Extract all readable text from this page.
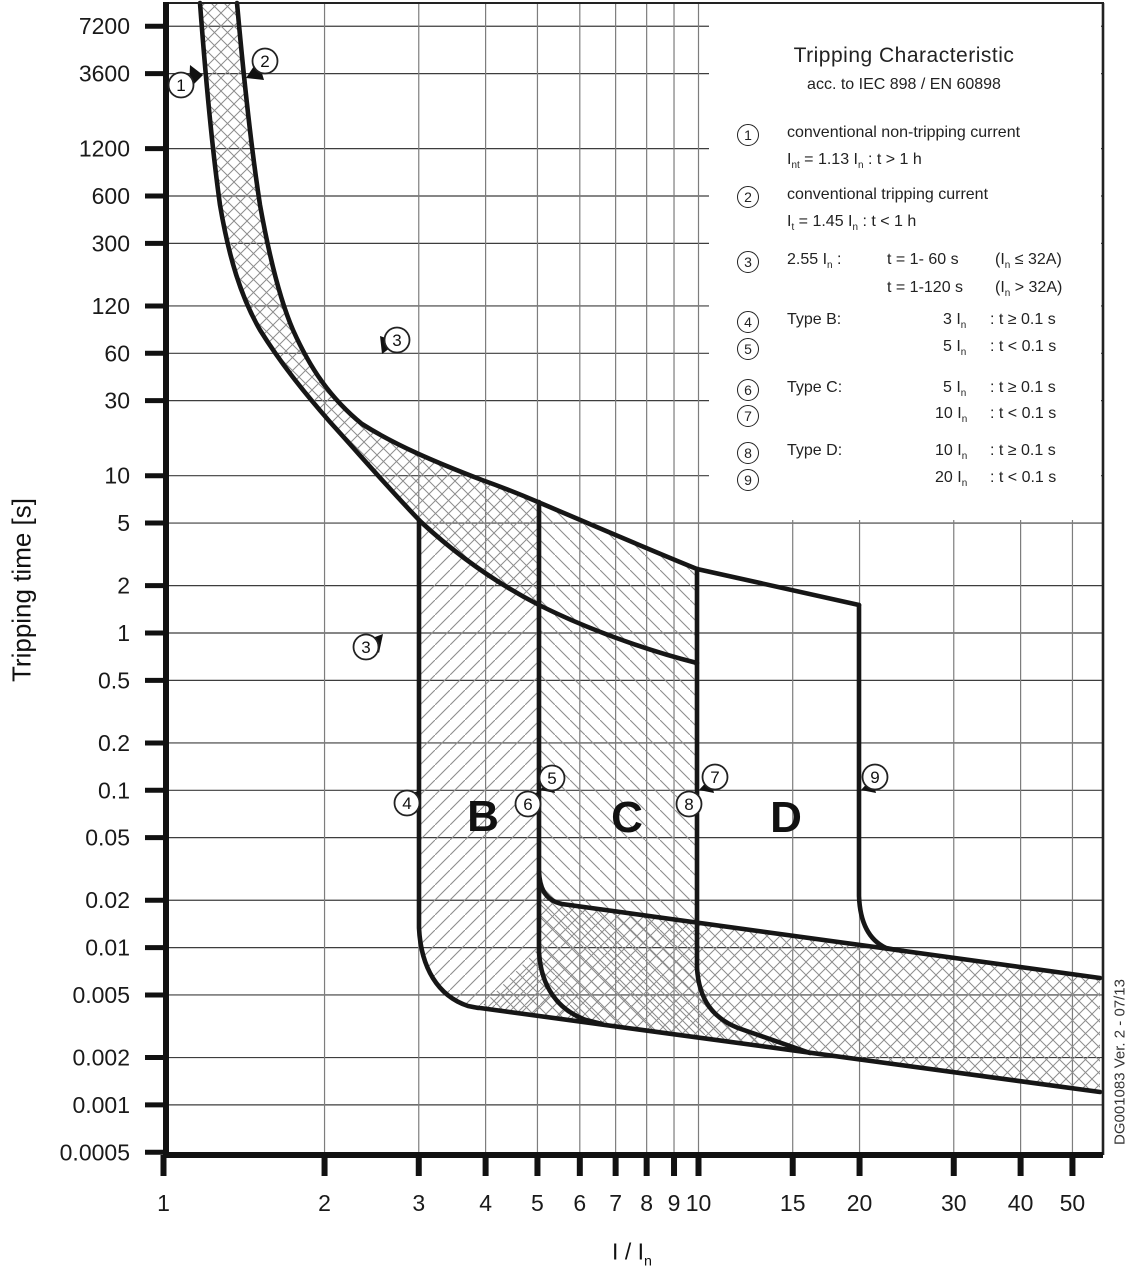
7200
3600
1200
600
300
120
60
30
10
5
2
1
0.5
0.2
0.1
0.05
0.02
0.01
0.005
0.002
0.001
0.0005
1	2	3 4 5 6 7 8 9 10	15 20	30 40 50
B	C	D
1
2
3
3
4
5
6
7
8
9
Tripping Characteristic
acc. to IEC 898 / EN 60898
Tripping time [s]
I / $I_n$
DG001083 Ver. 2 - 07/13
1	conventional non-tripping current
$I_{nt} = 1.13$ $I_n$ : t > 1 h
2	conventional tripping current
$I_t = 1.45$ $I_n$ : t < 1 h
3	2.55 $I_n$ :	t = 1- 60 s $(I_n \le 32A)$
t = 1-120 s $(I_n > 32A)$
4	Type B:	3 $I_n$ : t ≥ 0.1 s
5	5 $I_n$ : t < 0.1 s
6	Type C:	5 $I_n$ : t ≥ 0.1 s
7	10 $I_n$ : t < 0.1 s
8	Type D:	10 $I_n$ : t ≥ 0.1 s
9	20 $I_n$ : t < 0.1 s
